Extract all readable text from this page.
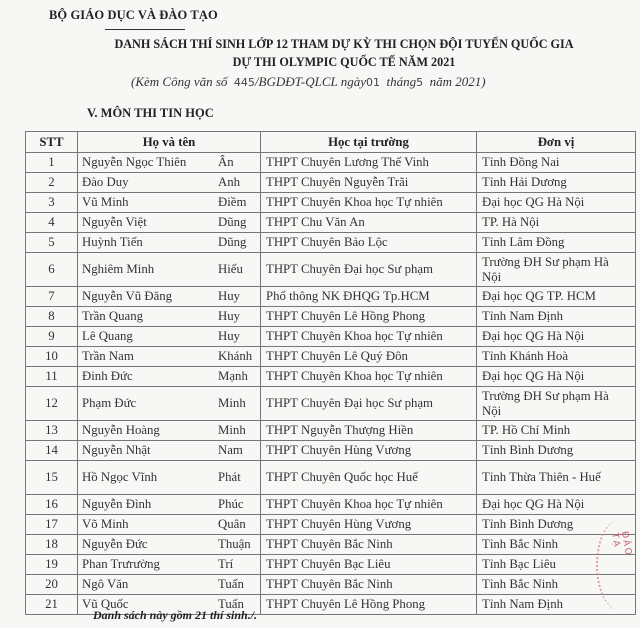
BỘ GIÁO DỤC VÀ ĐÀO TẠO
DANH SÁCH THÍ SINH LỚP 12 THAM DỰ KỲ THI CHỌN ĐỘI TUYỂN QUỐC GIA
DỰ THI OLYMPIC QUỐC TẾ NĂM 2021
(Kèm Công văn số  445/BGDĐT-QLCL ngày01  tháng5  năm 2021)
V. MÔN THI TIN HỌC
STT	Họ và tên		Học tại trường	Đơn vị
1	Nguyễn Ngọc Thiên	Ân	THPT Chuyên Lương Thế Vinh	Tỉnh Đồng Nai
2	Đào Duy	Anh	THPT Chuyên Nguyễn Trãi	Tỉnh Hải Dương
3	Vũ Minh	Điềm	THPT Chuyên Khoa học Tự nhiên	Đại học QG Hà Nội
4	Nguyễn Việt	Dũng	THPT Chu Văn An	TP. Hà Nội
5	Huỳnh Tiến	Dũng	THPT Chuyên Bảo Lộc	Tỉnh Lâm Đồng
6	Nghiêm Minh	Hiếu	THPT Chuyên Đại học Sư phạm	Trường ĐH Sư phạm Hà Nội
7	Nguyễn Vũ Đăng	Huy	Phổ thông NK ĐHQG Tp.HCM	Đại học QG TP. HCM
8	Trần Quang	Huy	THPT Chuyên Lê Hồng Phong	Tỉnh Nam Định
9	Lê Quang	Huy	THPT Chuyên Khoa học Tự nhiên	Đại học QG Hà Nội
10	Trần Nam	Khánh	THPT Chuyên Lê Quý Đôn	Tỉnh Khánh Hoà
11	Đinh Đức	Mạnh	THPT Chuyên Khoa học Tự nhiên	Đại học QG Hà Nội
12	Phạm Đức	Minh	THPT Chuyên Đại học Sư phạm	Trường ĐH Sư phạm Hà Nội
13	Nguyễn Hoàng	Minh	THPT Nguyễn Thượng Hiền	TP. Hồ Chí Minh
14	Nguyễn Nhật	Nam	THPT Chuyên Hùng Vương	Tỉnh Bình Dương
15	Hồ Ngọc Vĩnh	Phát	THPT Chuyên Quốc học Huế	Tỉnh Thừa Thiên - Huế
16	Nguyễn Đình	Phúc	THPT Chuyên Khoa học Tự nhiên	Đại học QG Hà Nội
17	Võ Minh	Quân	THPT Chuyên Hùng Vương	Tỉnh Bình Dương
18	Nguyễn Đức	Thuận	THPT Chuyên Bắc Ninh	Tỉnh Bắc Ninh
19	Phan Trưrường	Trí	THPT Chuyên Bạc Liêu	Tỉnh Bạc Liêu
20	Ngô Văn	Tuấn	THPT Chuyên Bắc Ninh	Tỉnh Bắc Ninh
21	Vũ Quốc	Tuấn	THPT Chuyên Lê Hồng Phong	Tỉnh Nam Định
Danh sách này gồm 21 thí sinh./.
ĐÀO TẠ
